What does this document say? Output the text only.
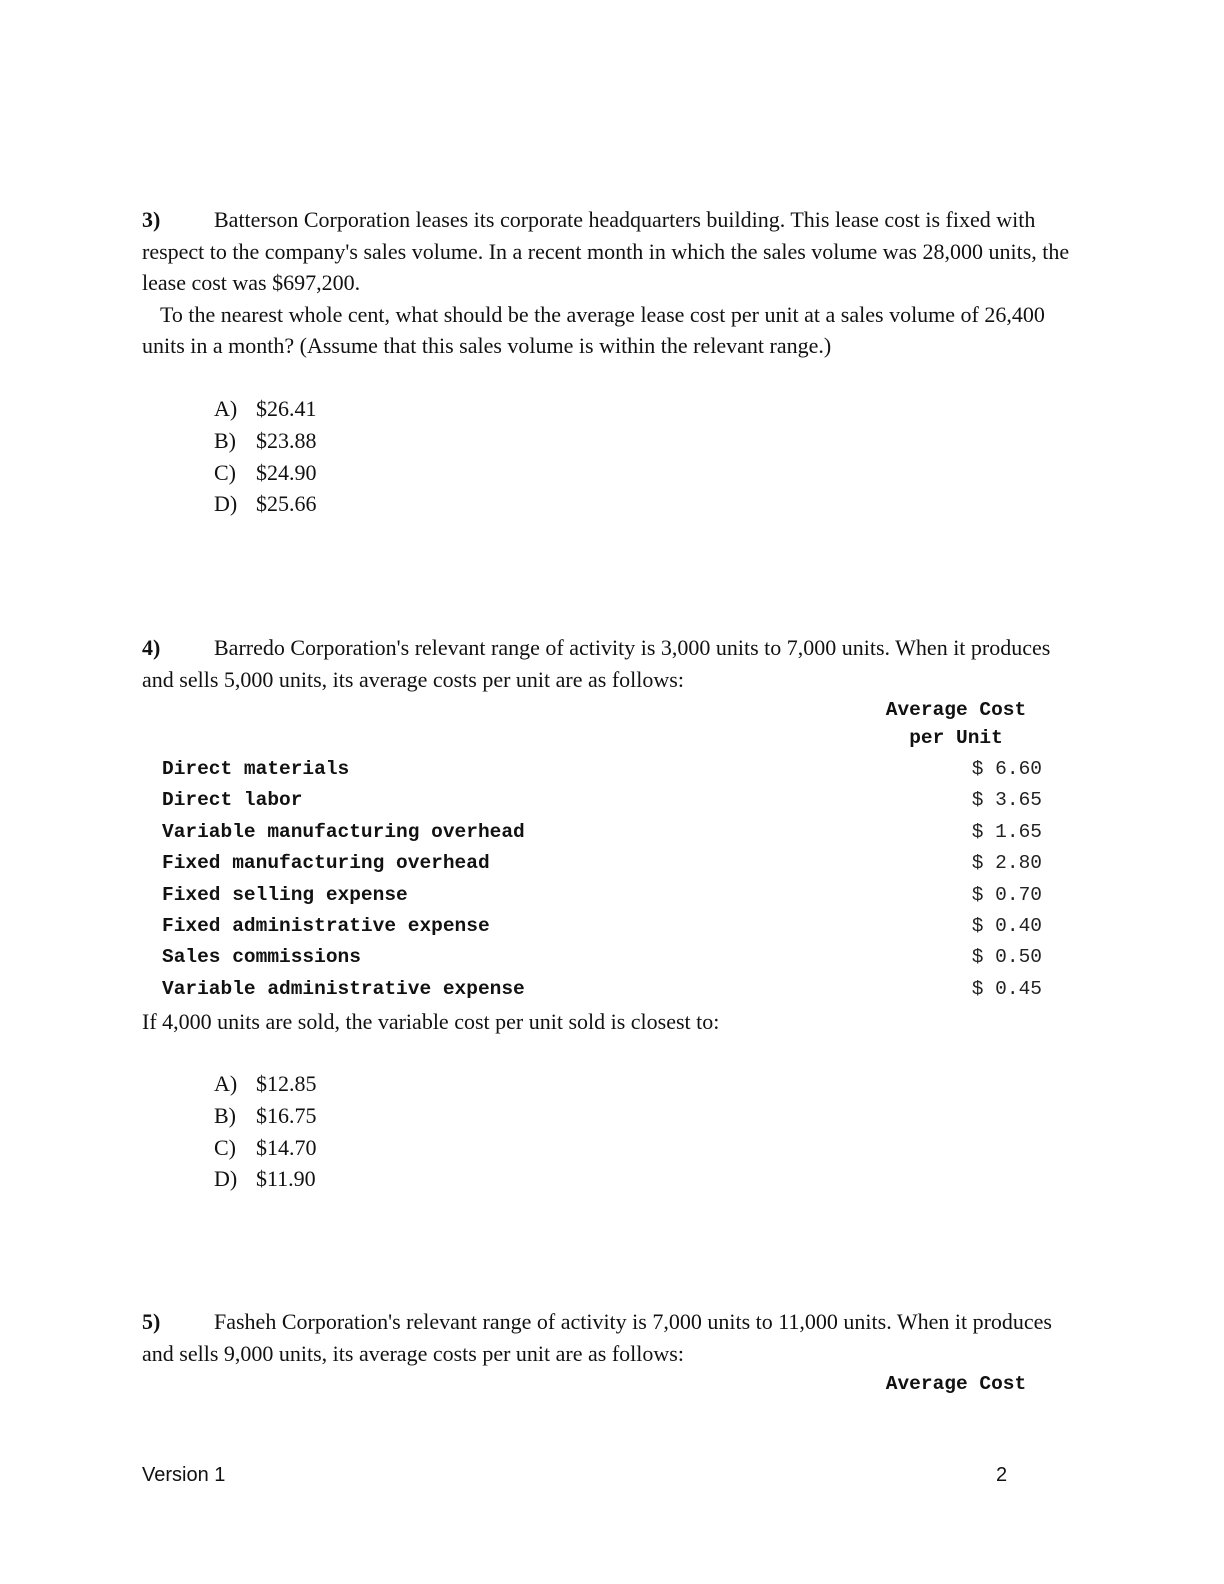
3) Batterson Corporation leases its corporate headquarters building. This lease cost is fixed with respect to the company's sales volume. In a recent month in which the sales volume was 28,000 units, the lease cost was $697,200.
To the nearest whole cent, what should be the average lease cost per unit at a sales volume of 26,400 units in a month? (Assume that this sales volume is within the relevant range.)

A) $26.41
B) $23.88
C) $24.90
D) $25.66

4) Barredo Corporation's relevant range of activity is 3,000 units to 7,000 units. When it produces and sells 5,000 units, its average costs per unit are as follows:

Average Cost
per Unit
Direct materials	$ 6.60
Direct labor	$ 3.65
Variable manufacturing overhead	$ 1.65
Fixed manufacturing overhead	$ 2.80
Fixed selling expense	$ 0.70
Fixed administrative expense	$ 0.40
Sales commissions	$ 0.50
Variable administrative expense	$ 0.45

If 4,000 units are sold, the variable cost per unit sold is closest to:

A) $12.85
B) $16.75
C) $14.70
D) $11.90

5) Fasheh Corporation's relevant range of activity is 7,000 units to 11,000 units. When it produces and sells 9,000 units, its average costs per unit are as follows:

Average Cost
Version 1	2
